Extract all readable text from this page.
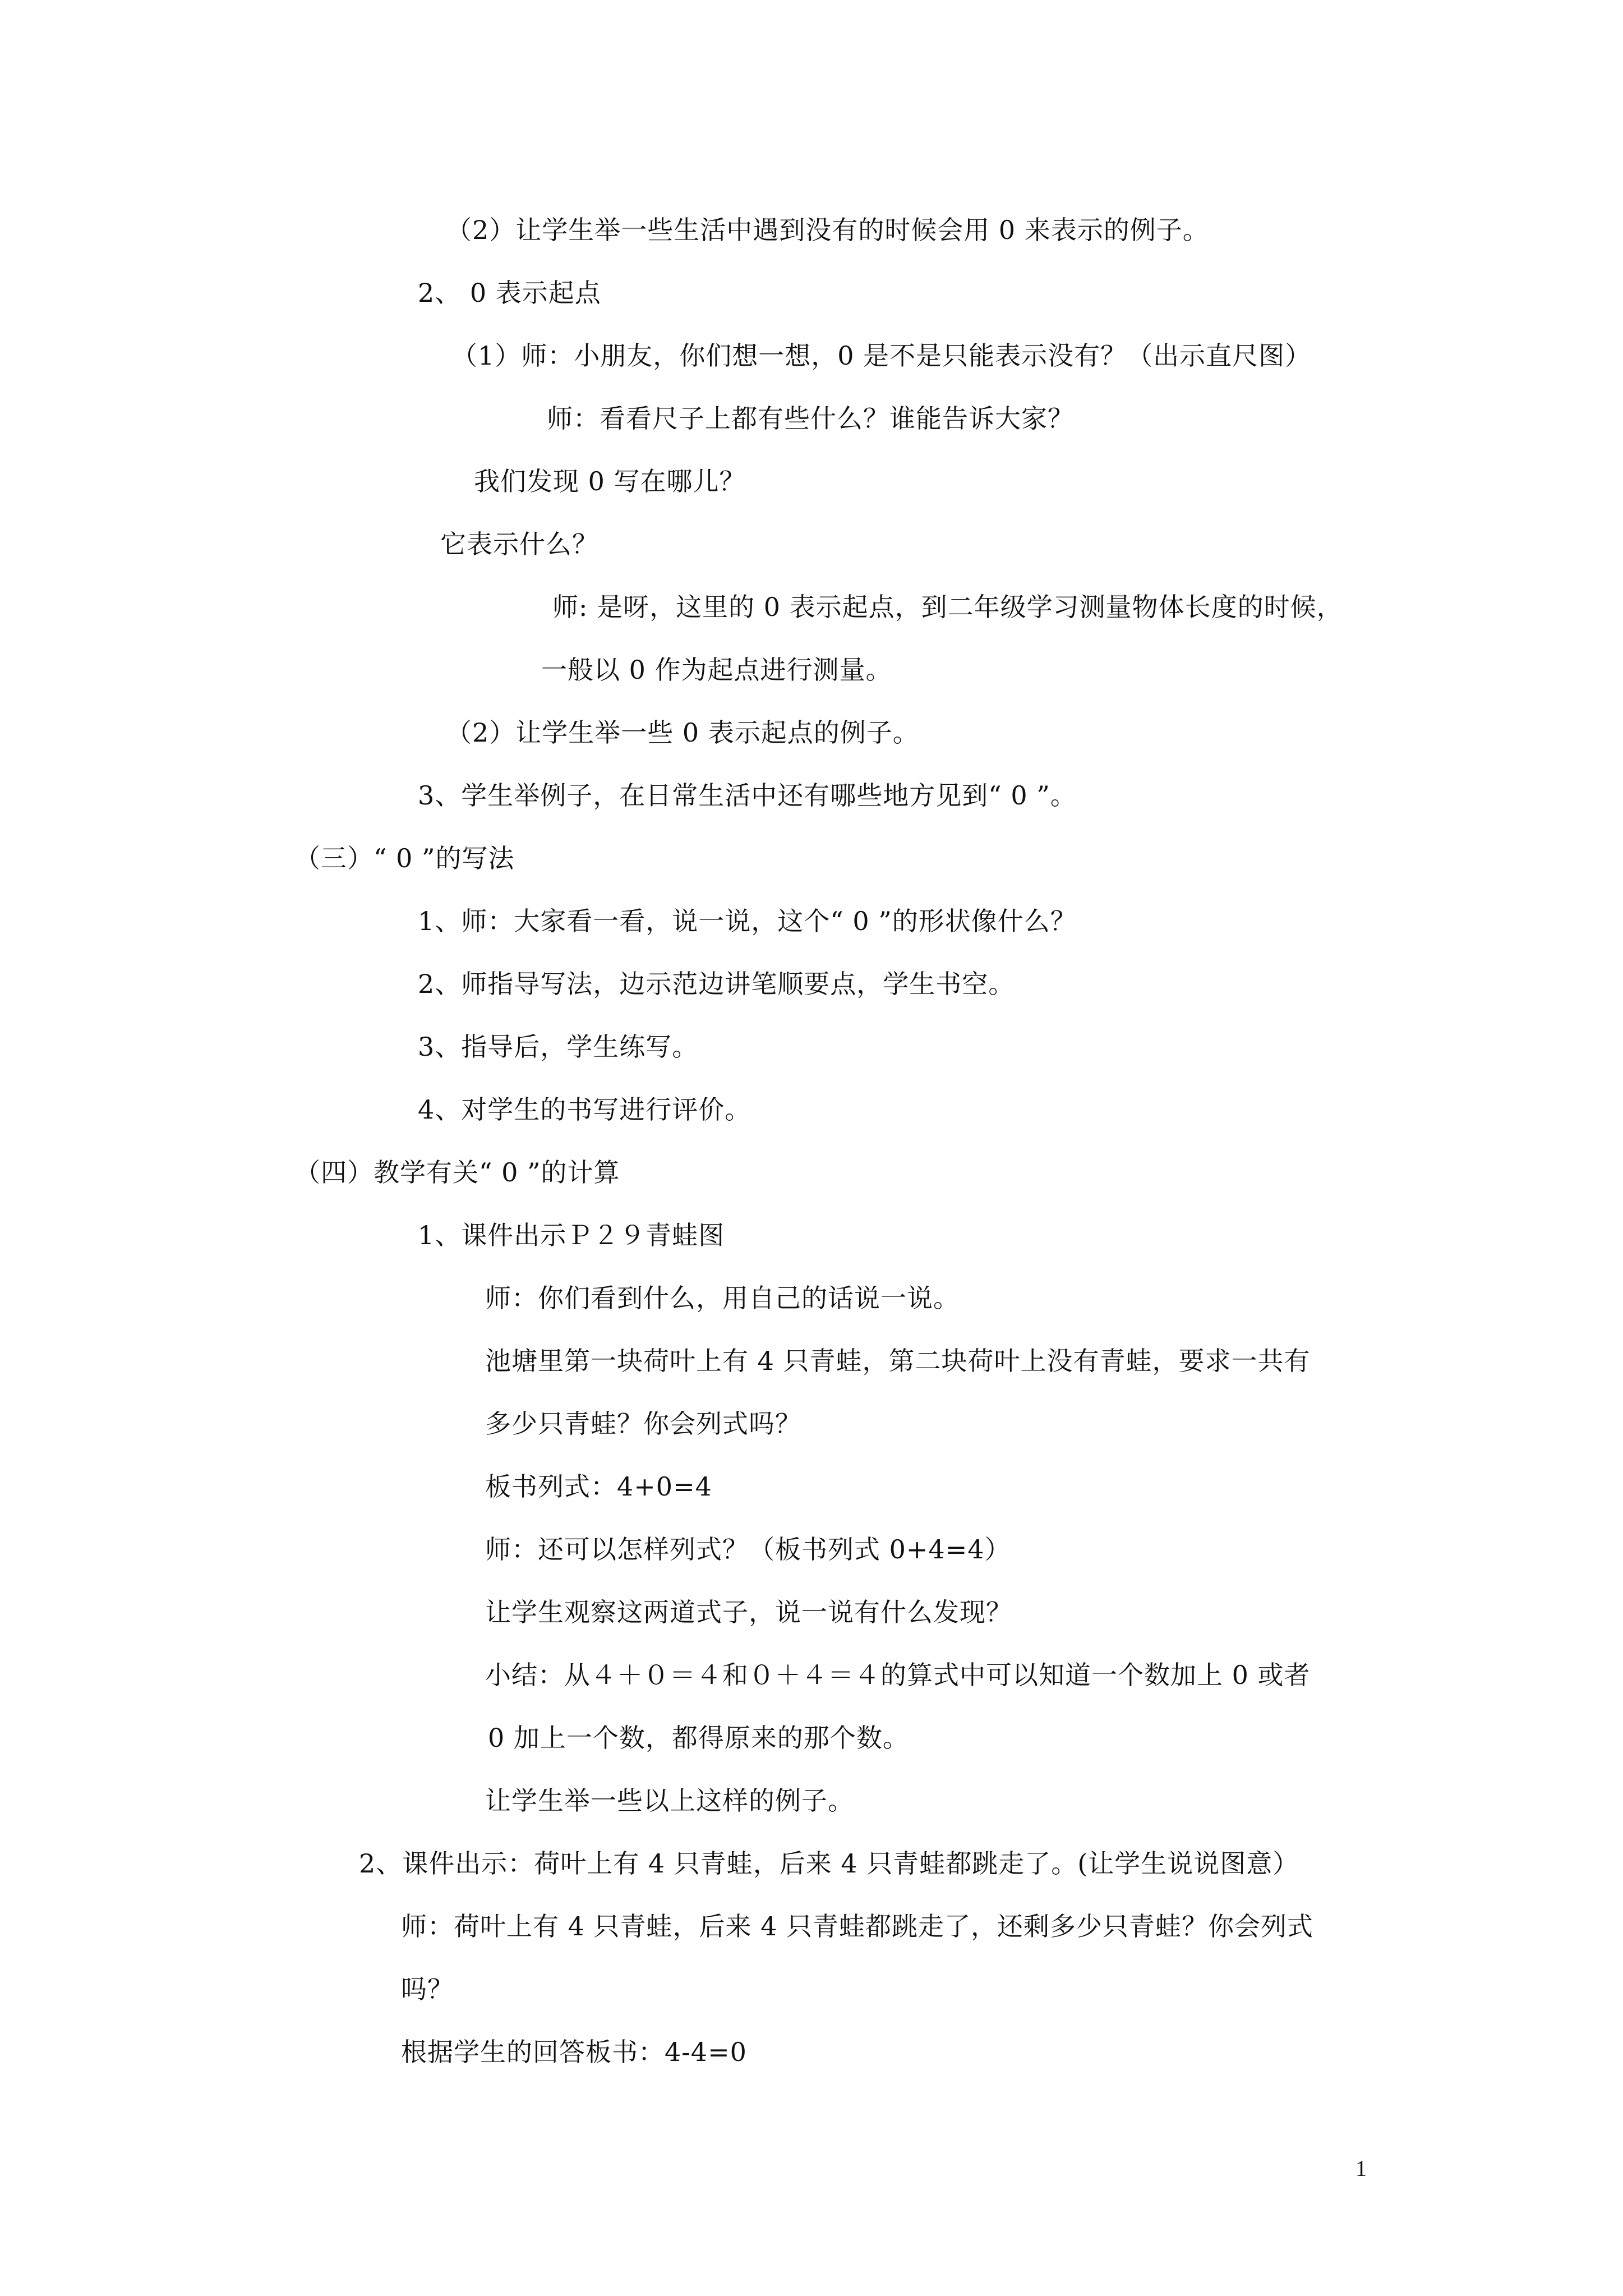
（2）让学生举一些生活中遇到没有的时候会用 0 来表示的例子。
2、 0 表示起点
（1）师：小朋友，你们想一想，0 是不是只能表示没有？（出示直尺图）
师：看看尺子上都有些什么？谁能告诉大家？
我们发现 0 写在哪儿？
它表示什么？
师: 是呀，这里的 0 表示起点，到二年级学习测量物体长度的时候，
一般以 0 作为起点进行测量。
（2）让学生举一些 0 表示起点的例子。
3、学生举例子，在日常生活中还有哪些地方见到“ 0 ”。
（三）“ 0 ”的写法
1、师：大家看一看，说一说，这个“ 0 ”的形状像什么？
2、师指导写法，边示范边讲笔顺要点，学生书空。
3、指导后，学生练写。
4、对学生的书写进行评价。
（四）教学有关“ 0 ”的计算
1、课件出示Ｐ２９青蛙图
师：你们看到什么，用自己的话说一说。
池塘里第一块荷叶上有 4 只青蛙，第二块荷叶上没有青蛙，要求一共有
多少只青蛙？你会列式吗？
板书列式：4+0=4
师：还可以怎样列式？（板书列式 0+4=4）
让学生观察这两道式子，说一说有什么发现？
小结：从４＋０＝４和０＋４＝４的算式中可以知道一个数加上 0 或者
0 加上一个数，都得原来的那个数。
让学生举一些以上这样的例子。
2、课件出示：荷叶上有 4 只青蛙，后来 4 只青蛙都跳走了。(让学生说说图意）
师：荷叶上有 4 只青蛙，后来 4 只青蛙都跳走了，还剩多少只青蛙？你会列式
吗？
根据学生的回答板书：4-4=0
1
